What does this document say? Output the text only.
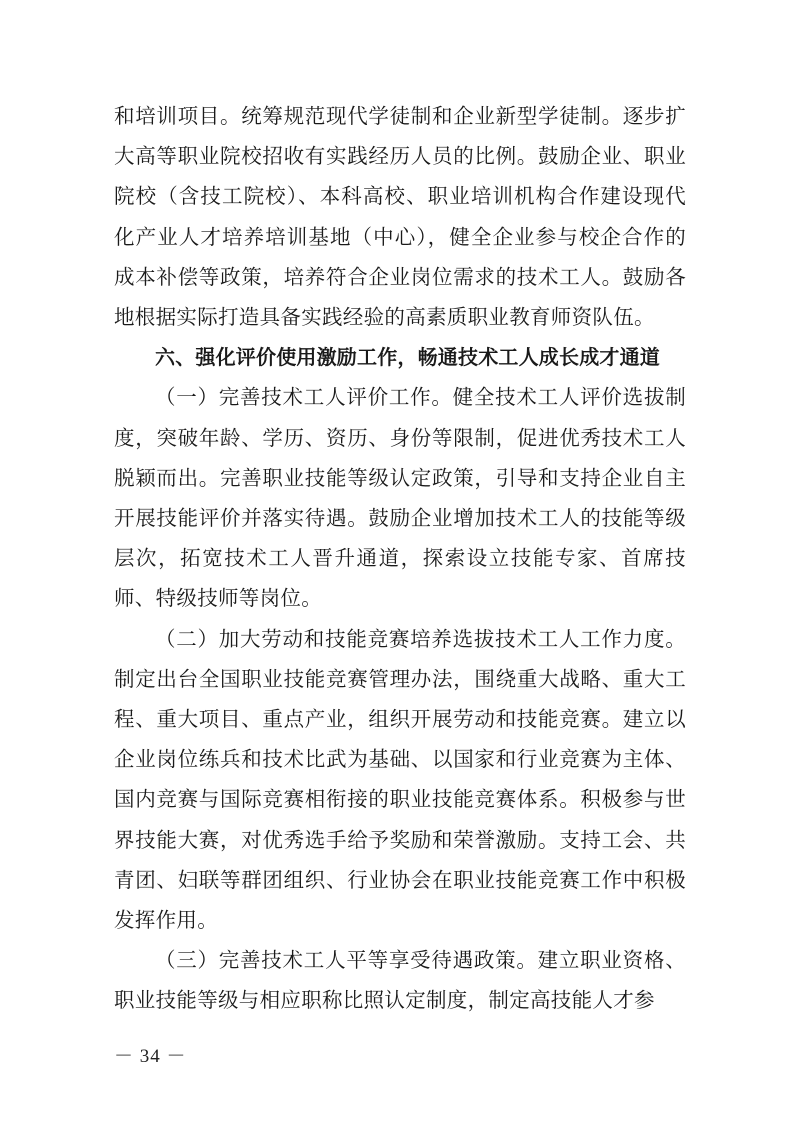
和培训项目。统筹规范现代学徒制和企业新型学徒制。逐步扩大高等职业院校招收有实践经历人员的比例。鼓励企业、职业院校（含技工院校）、本科高校、职业培训机构合作建设现代化产业人才培养培训基地（中心），健全企业参与校企合作的成本补偿等政策，培养符合企业岗位需求的技术工人。鼓励各地根据实际打造具备实践经验的高素质职业教育师资队伍。

六、强化评价使用激励工作，畅通技术工人成长成才通道

（一）完善技术工人评价工作。健全技术工人评价选拔制度，突破年龄、学历、资历、身份等限制，促进优秀技术工人脱颖而出。完善职业技能等级认定政策，引导和支持企业自主开展技能评价并落实待遇。鼓励企业增加技术工人的技能等级层次，拓宽技术工人晋升通道，探索设立技能专家、首席技师、特级技师等岗位。

（二）加大劳动和技能竞赛培养选拔技术工人工作力度。制定出台全国职业技能竞赛管理办法，围绕重大战略、重大工程、重大项目、重点产业，组织开展劳动和技能竞赛。建立以企业岗位练兵和技术比武为基础、以国家和行业竞赛为主体、国内竞赛与国际竞赛相衔接的职业技能竞赛体系。积极参与世界技能大赛，对优秀选手给予奖励和荣誉激励。支持工会、共青团、妇联等群团组织、行业协会在职业技能竞赛工作中积极发挥作用。

（三）完善技术工人平等享受待遇政策。建立职业资格、职业技能等级与相应职称比照认定制度，制定高技能人才参

－ 34 －
